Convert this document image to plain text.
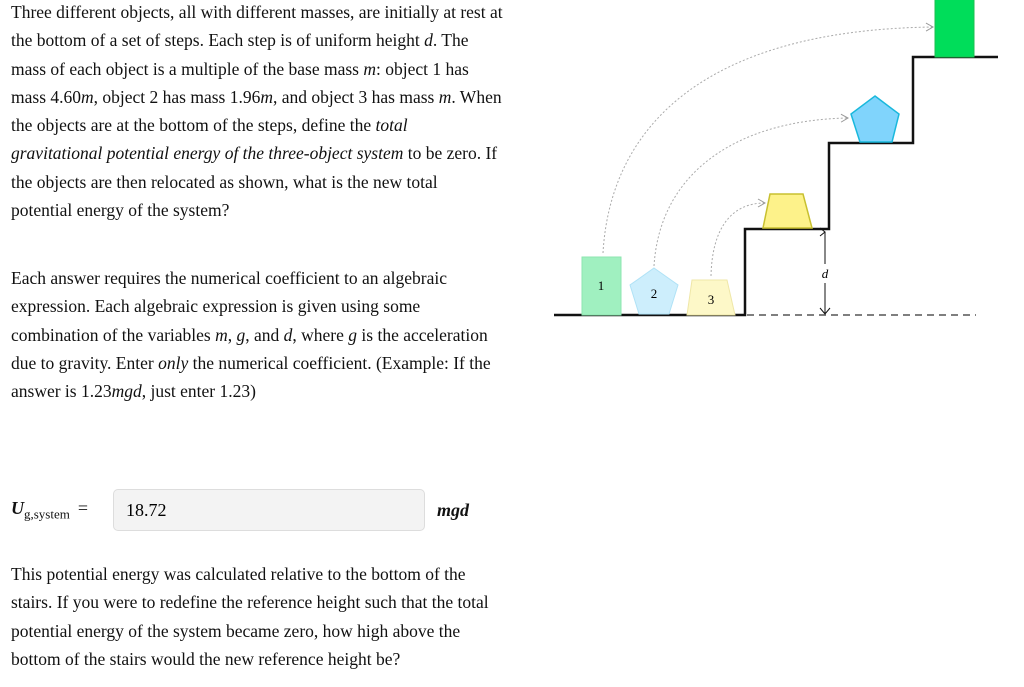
Three different objects, all with different masses, are initially at rest at the bottom of a set of steps. Each step is of uniform height d. The mass of each object is a multiple of the base mass m: object 1 has mass 4.60m, object 2 has mass 1.96m, and object 3 has mass m. When the objects are at the bottom of the steps, define the total gravitational potential energy of the three-object system to be zero. If the objects are then relocated as shown, what is the new total potential energy of the system?

Each answer requires the numerical coefficient to an algebraic expression. Each algebraic expression is given using some combination of the variables m, g, and d, where g is the acceleration due to gravity. Enter only the numerical coefficient. (Example: If the answer is 1.23mgd, just enter 1.23)

$U_{g,system}$ =
18.72	mgd

This potential energy was calculated relative to the bottom of the stairs. If you were to redefine the reference height such that the total potential energy of the system became zero, how high above the bottom of the stairs would the new reference height be?

d
1
2	3
